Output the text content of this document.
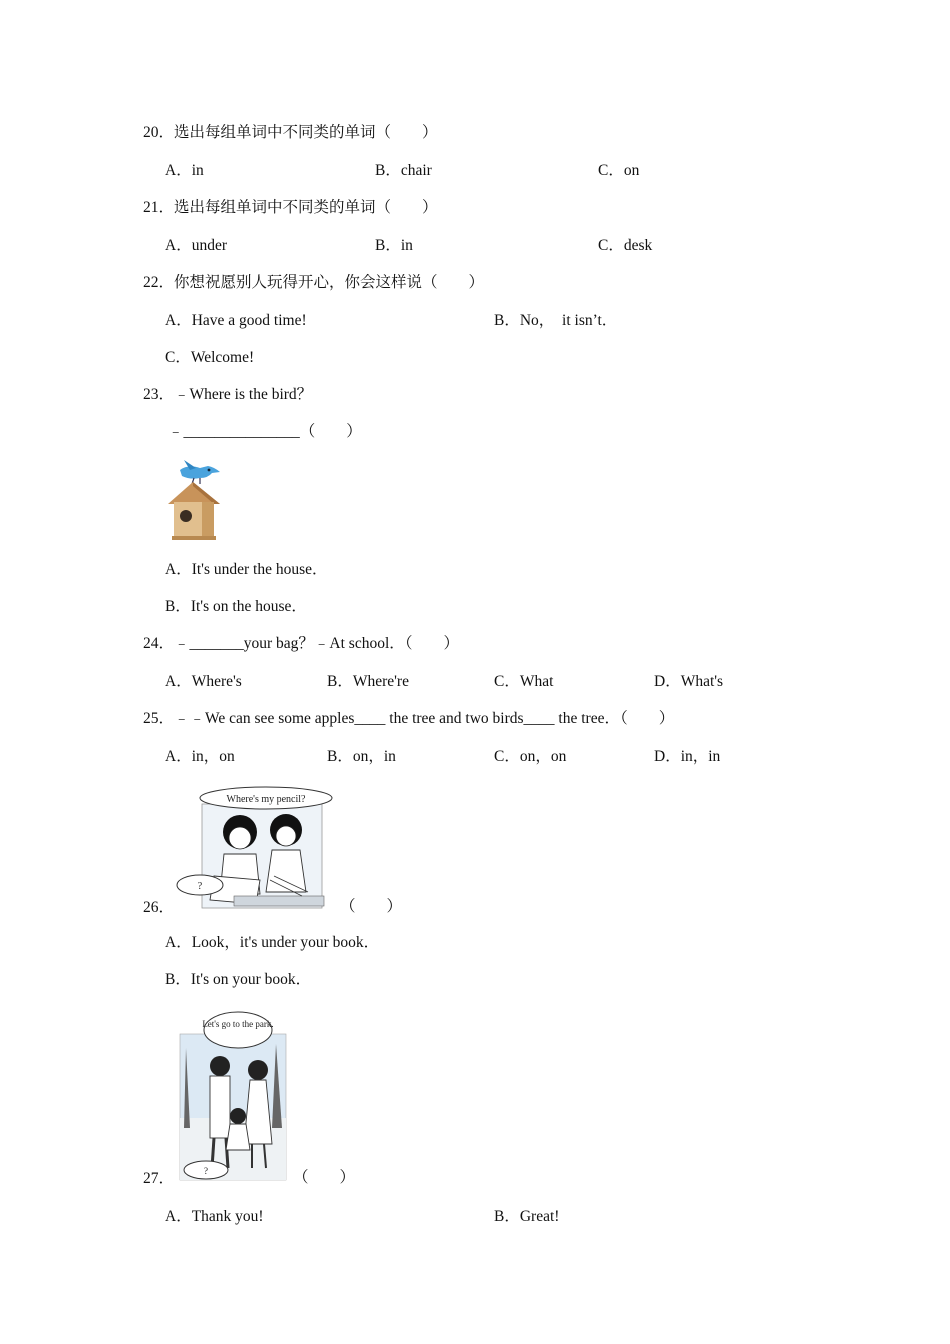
20．选出每组单词中不同类的单词（　　）
A．in	B．chair	C．on
21．选出每组单词中不同类的单词（　　）
A．under	B．in	C．desk
22．你想祝愿别人玩得开心，你会这样说（　　）
A．Have a good time!	B．No，  it isn’t．
C．Welcome!
23．﹣Where is the bird？
﹣_______________（　　）
A．It's under the house．
B．It's on the house．
24．﹣_______your bag？﹣At school．（　　）
A．Where's	B．Where're	C．What	D．What's
25．﹣﹣We can see some apples____ the tree and two birds____ the tree．（　　）
A．in，on	B．on，in	C．on，on	D．in，in
Where's my pencil?
?
26．	（　　）
A．Look，it's under your book．
B．It's on your book．
Let's go to the park.
?
27．	（　　）
A．Thank you!	B．Great!
